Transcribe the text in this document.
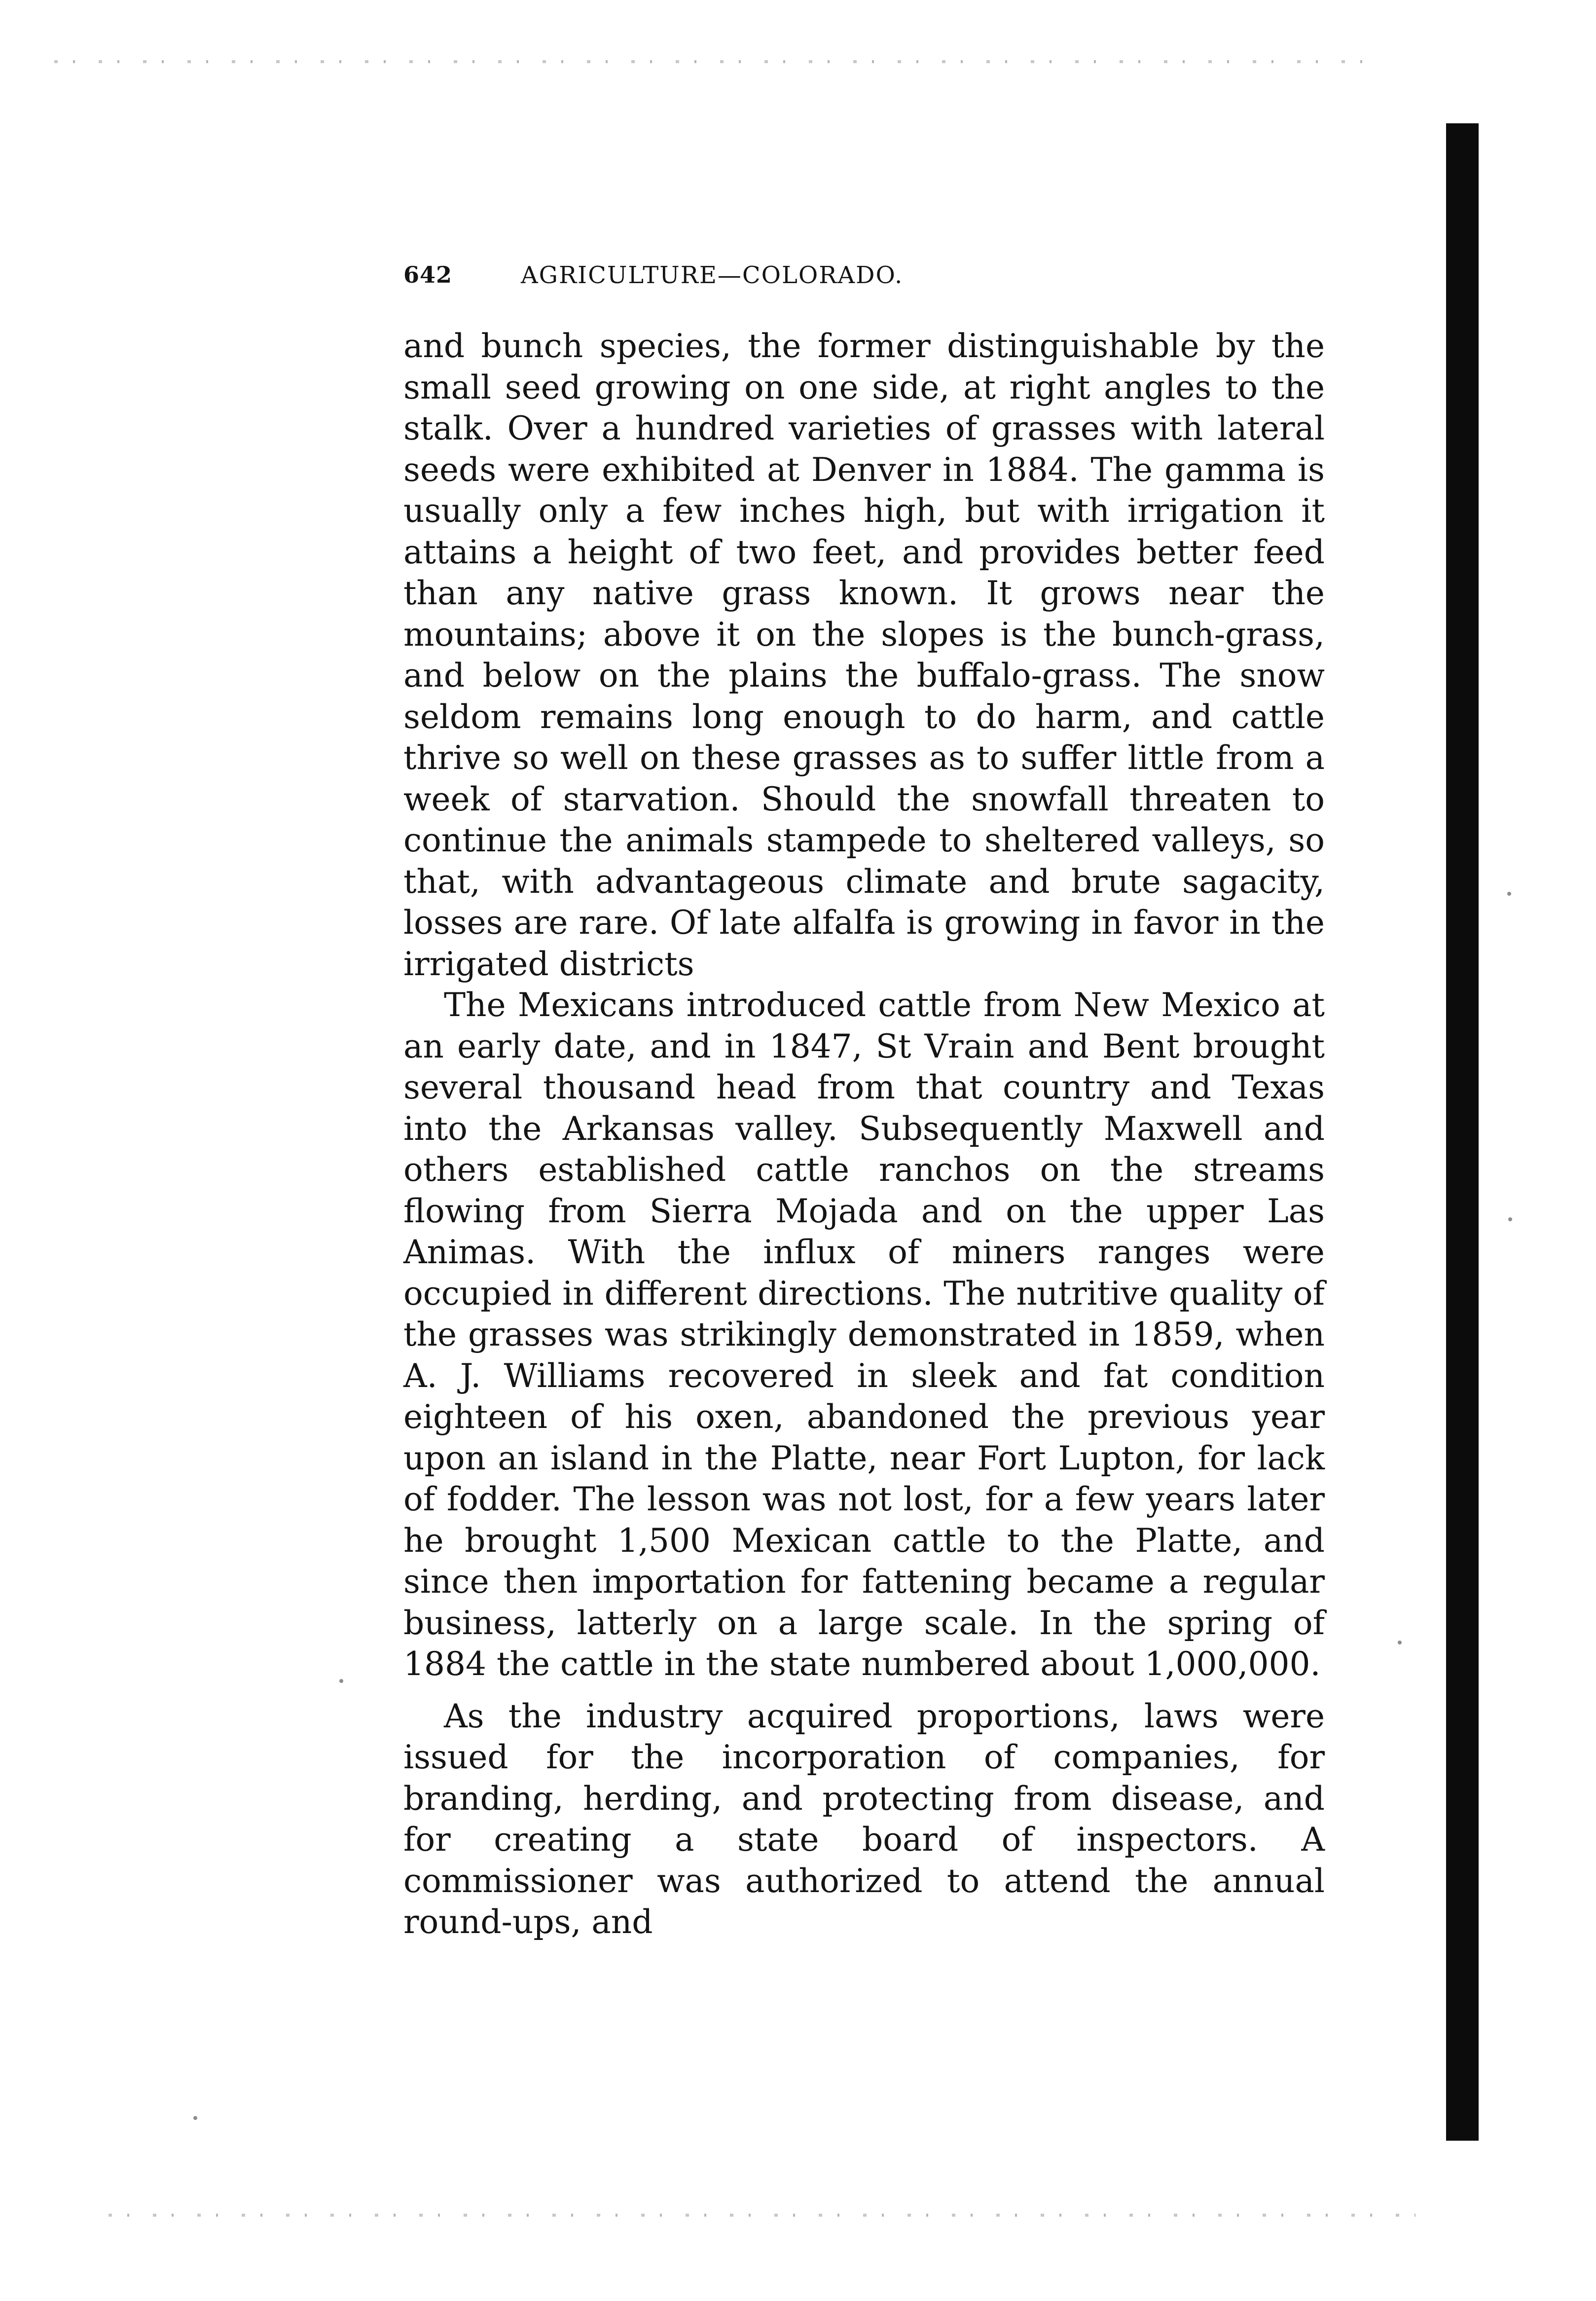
642	AGRICULTURE—COLORADO.

and bunch species, the former distinguishable by the small seed growing on one side, at right angles to the stalk. Over a hundred varieties of grasses with lateral seeds were exhibited at Denver in 1884. The gamma is usually only a few inches high, but with irrigation it attains a height of two feet, and provides better feed than any native grass known. It grows near the mountains; above it on the slopes is the bunch-grass, and below on the plains the buffalo-grass. The snow seldom remains long enough to do harm, and cattle thrive so well on these grasses as to suffer little from a week of starvation. Should the snowfall threaten to continue the animals stampede to sheltered valleys, so that, with advantageous climate and brute sagacity, losses are rare. Of late alfalfa is growing in favor in the irrigated districts

The Mexicans introduced cattle from New Mexico at an early date, and in 1847, St Vrain and Bent brought several thousand head from that country and Texas into the Arkansas valley. Subsequently Maxwell and others established cattle ranchos on the streams flowing from Sierra Mojada and on the upper Las Animas. With the influx of miners ranges were occupied in different directions. The nutritive quality of the grasses was strikingly demonstrated in 1859, when A. J. Williams recovered in sleek and fat condition eighteen of his oxen, abandoned the previous year upon an island in the Platte, near Fort Lupton, for lack of fodder. The lesson was not lost, for a few years later he brought 1,500 Mexican cattle to the Platte, and since then importation for fattening became a regular business, latterly on a large scale. In the spring of 1884 the cattle in the state numbered about 1,000,000.

As the industry acquired proportions, laws were issued for the incorporation of companies, for branding, herding, and protecting from disease, and for creating a state board of inspectors. A commissioner was authorized to attend the annual round-ups, and
